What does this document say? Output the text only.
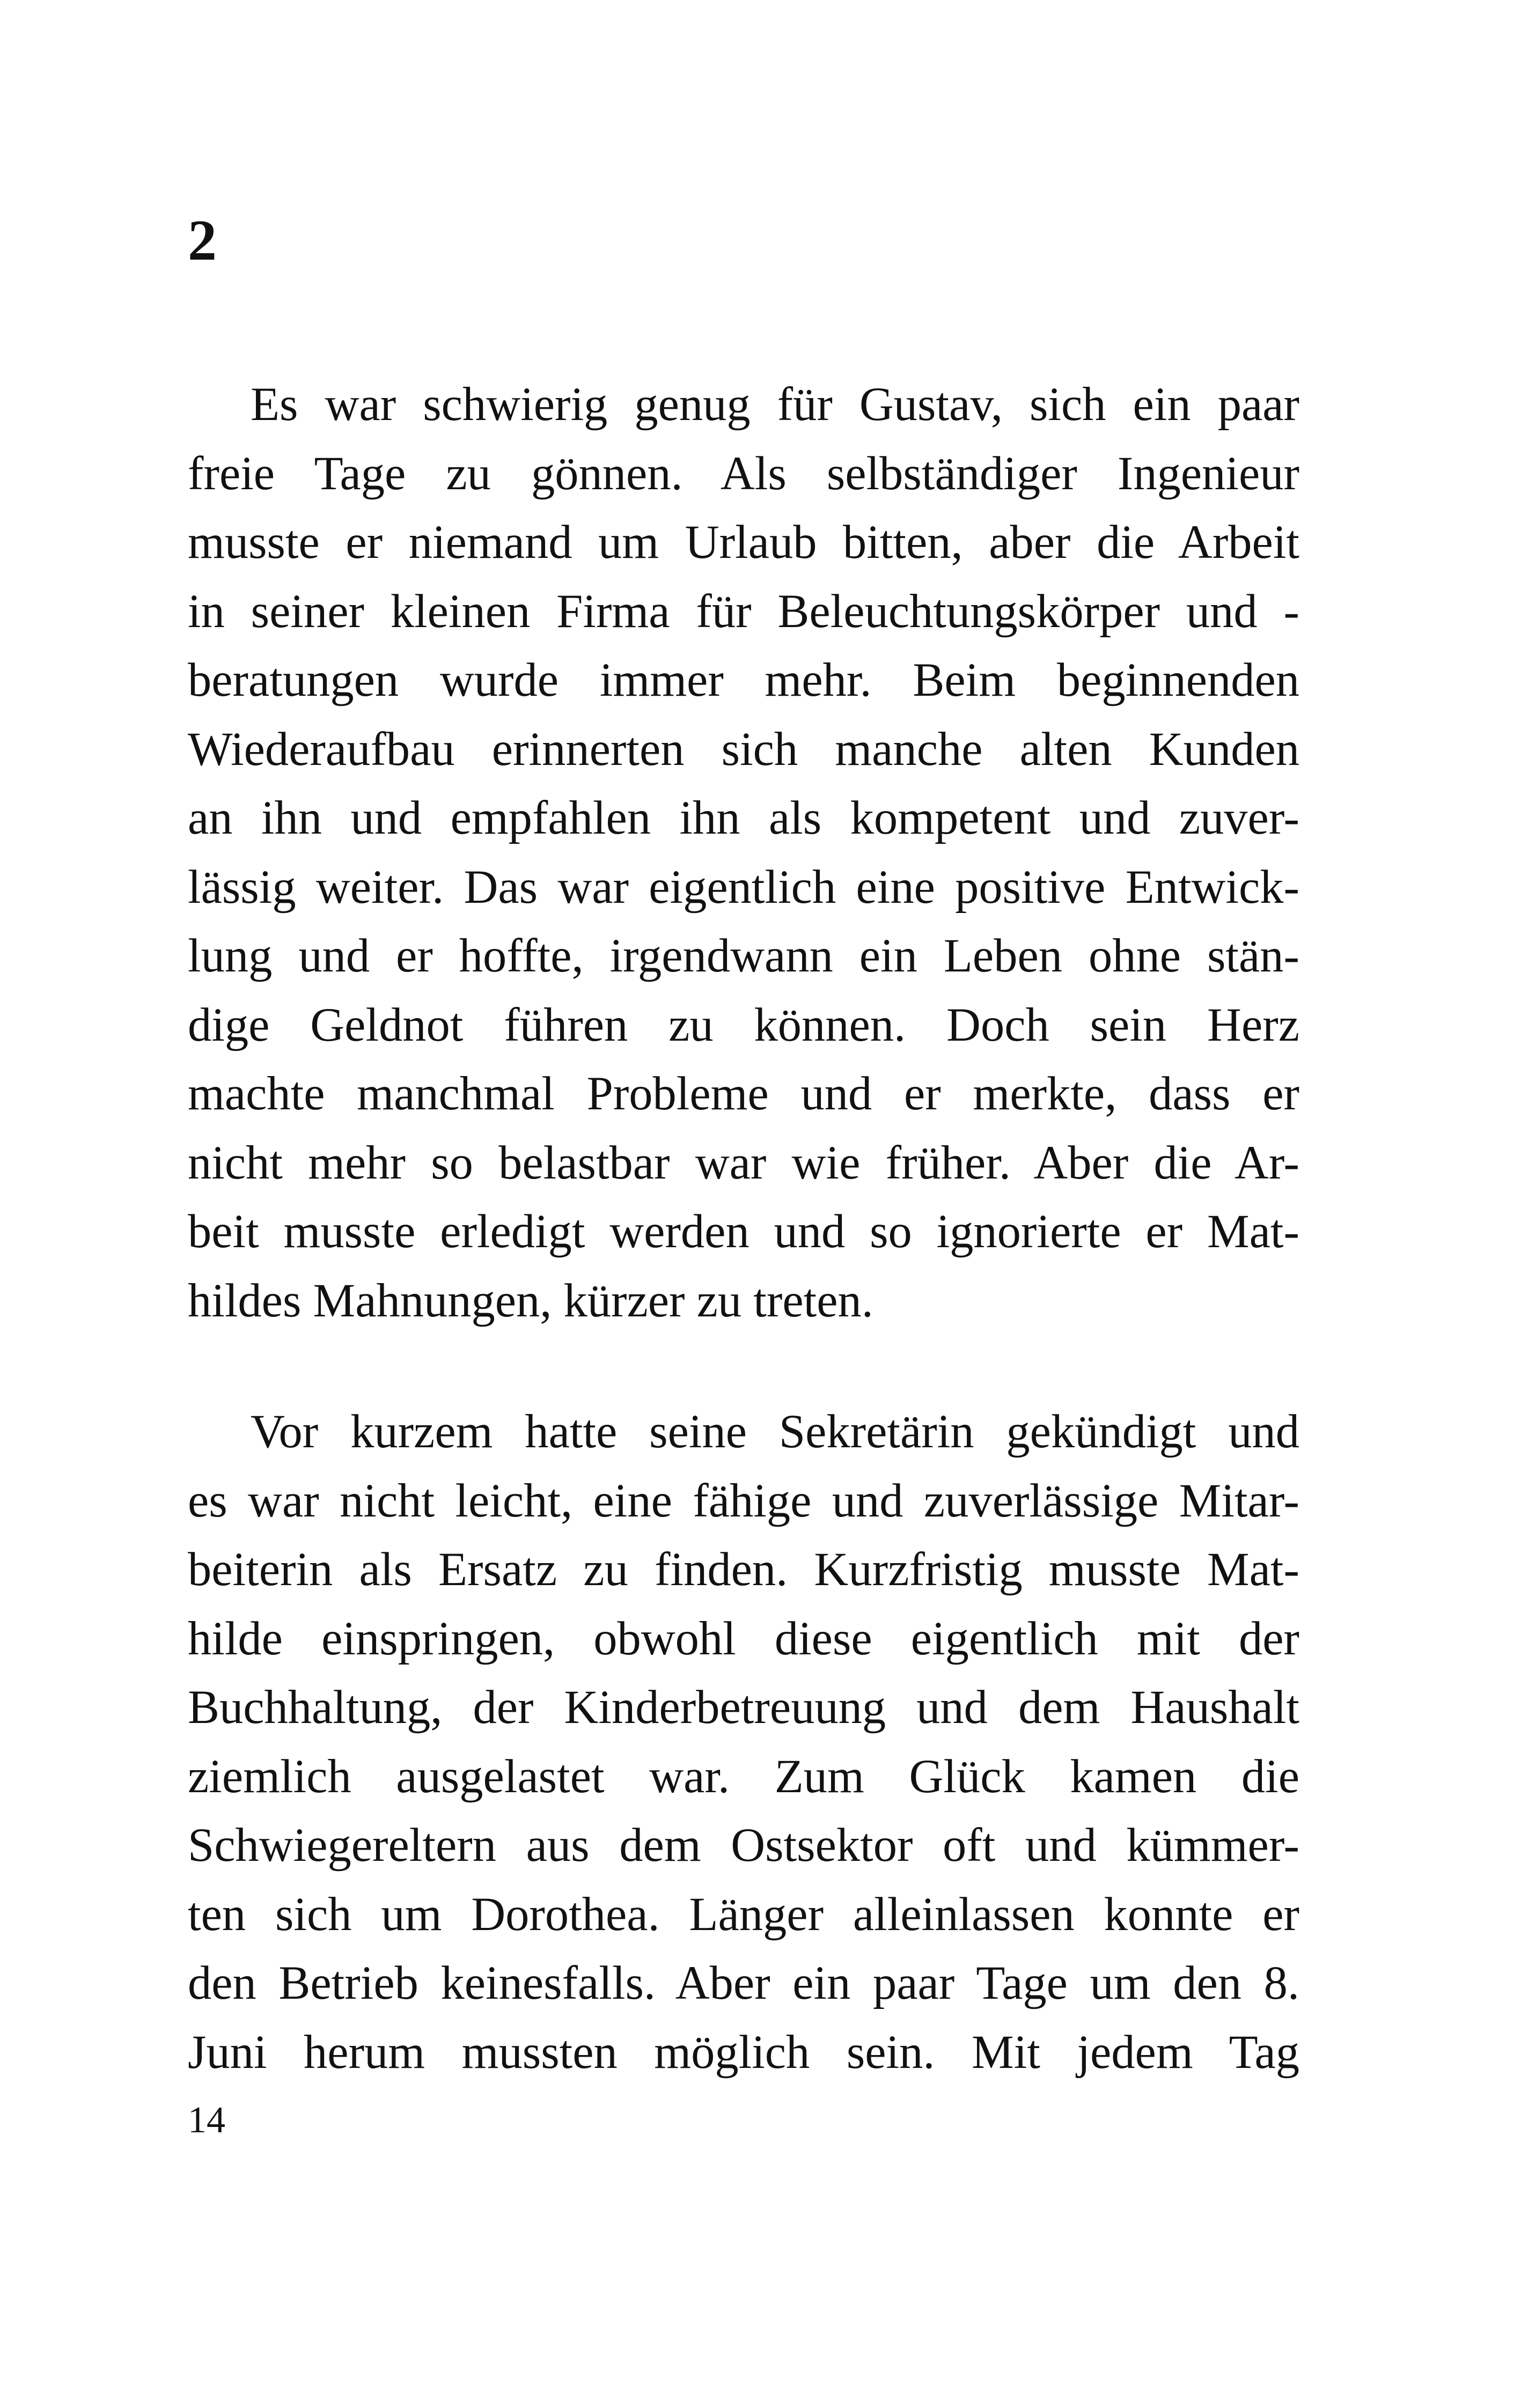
2

Es war schwierig genug für Gustav, sich ein paar
freie Tage zu gönnen. Als selbständiger Ingenieur
musste er niemand um Urlaub bitten, aber die Arbeit
in seiner kleinen Firma für Beleuchtungskörper und -
beratungen wurde immer mehr. Beim beginnenden
Wiederaufbau erinnerten sich manche alten Kunden
an ihn und empfahlen ihn als kompetent und zuver-
lässig weiter. Das war eigentlich eine positive Entwick-
lung und er hoffte, irgendwann ein Leben ohne stän-
dige Geldnot führen zu können. Doch sein Herz
machte manchmal Probleme und er merkte, dass er
nicht mehr so belastbar war wie früher. Aber die Ar-
beit musste erledigt werden und so ignorierte er Mat-
hildes Mahnungen, kürzer zu treten.

Vor kurzem hatte seine Sekretärin gekündigt und
es war nicht leicht, eine fähige und zuverlässige Mitar-
beiterin als Ersatz zu finden. Kurzfristig musste Mat-
hilde einspringen, obwohl diese eigentlich mit der
Buchhaltung, der Kinderbetreuung und dem Haushalt
ziemlich ausgelastet war. Zum Glück kamen die
Schwiegereltern aus dem Ostsektor oft und kümmer-
ten sich um Dorothea. Länger alleinlassen konnte er
den Betrieb keinesfalls. Aber ein paar Tage um den 8.
Juni herum mussten möglich sein. Mit jedem Tag

14
